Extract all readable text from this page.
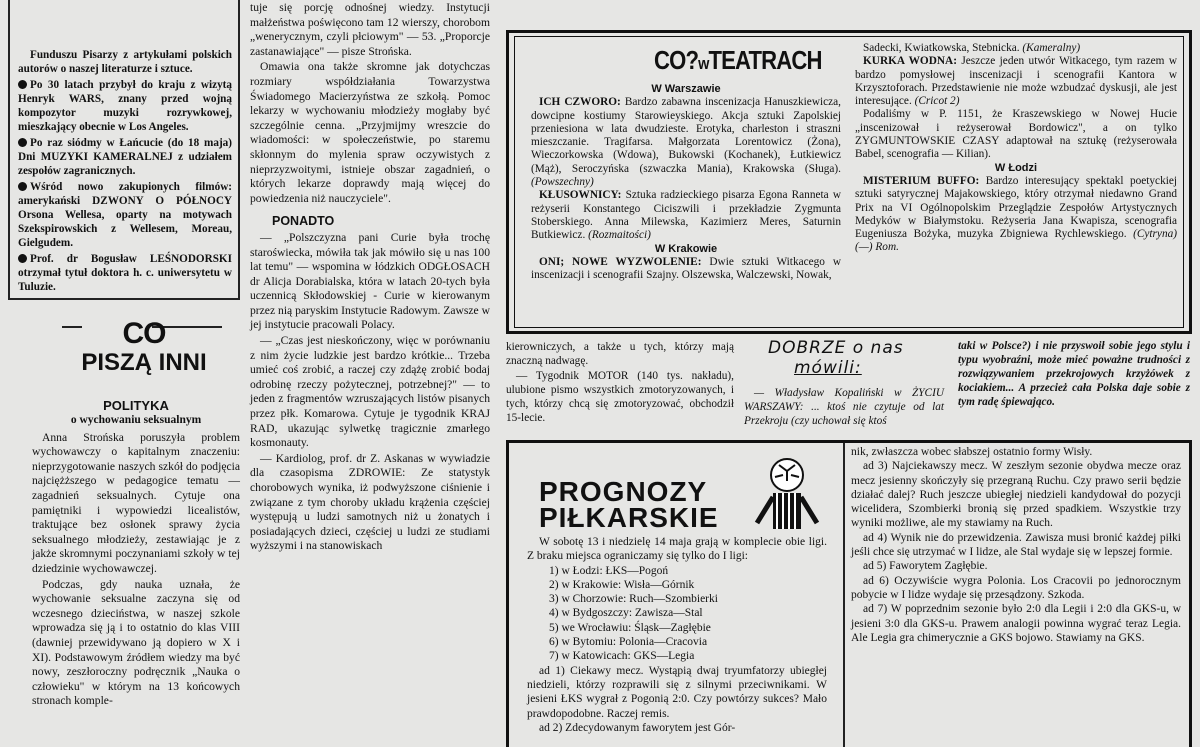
Funduszu Pisarzy z artykułami polskich autorów o naszej literaturze i sztuce.
Po 30 latach przybył do kraju z wizytą Henryk WARS, znany przed wojną kompozytor muzyki rozrywkowej, mieszkający obecnie w Los Angeles.
Po raz siódmy w Łańcucie (do 18 maja) Dni MUZYKI KAMERALNEJ z udziałem zespołów zagranicznych.
Wśród nowo zakupionych filmów: amerykański DZWONY O PÓŁNOCY Orsona Wellesa, oparty na motywach Szekspirowskich z Wellesem, Moreau, Gielgudem.
Prof. dr Bogusław LEŚNODORSKI otrzymał tytuł doktora h. c. uniwersytetu w Tuluzie.
CO
PISZĄ INNI
POLITYKA
o wychowaniu seksualnym

Anna Strońska poruszyła problem wychowawczy o kapitalnym znaczeniu: nieprzygotowanie naszych szkół do podjęcia najciężższego w pedagogice tematu — zagadnień seksualnych. Cytuje ona pamiętniki i wypowiedzi licealistów, traktujące bez osłonek sprawy życia seksualnego młodzieży, zestawiając je z jakże skromnymi poczynaniami szkoły w tej dziedzinie wychowawczej.

Podczas, gdy nauka uznała, że wychowanie seksualne zaczyna się od wczesnego dzieciństwa, w naszej szkole wprowadza się ją i to ostatnio do klas VIII (dawniej przewidywano ją dopiero w X i XI). Podstawowym źródłem wiedzy ma być nowy, zeszłoroczny podręcznik „Nauka o człowieku" w którym na 13 końcowych stronach komple-

tuje się porcję odnośnej wiedzy. Instytucji małżeństwa poświęcono tam 12 wierszy, chorobom „wenerycznym, czyli płciowym" — 53. „Proporcje zastanawiające" — pisze Strońska.

Omawia ona także skromne jak dotychczas rozmiary współdziałania Towarzystwa Świadomego Macierzyństwa ze szkołą. Pomoc lekarzy w wychowaniu młodzieży mogłaby być szczególnie cenna. „Przyjmijmy wreszcie do wiadomości: w społeczeństwie, po staremu skłonnym do mylenia spraw oczywistych z nieprzyzwoitymi, istnieje obszar zagadnień, o których lekarze doprawdy mają więcej do powiedzenia niż nauczyciele".

PONADTO

— „Polszczyzna pani Curie była trochę staroświecka, mówiła tak jak mówiło się u nas 100 lat temu" — wspomina w łódzkich ODGŁOSACH dr Alicja Dorabialska, która w latach 20-tych była uczennicą Skłodowskiej - Curie w kierowanym przez nią paryskim Instytucie Radowym. Zawsze w jej instytucie pracowali Polacy.

— „Czas jest nieskończony, więc w porównaniu z nim życie ludzkie jest bardzo krótkie... Trzeba umieć coś zrobić, a raczej czy zdążę zrobić bodaj odrobinę rzeczy pożytecznej, potrzebnej?" — to jeden z fragmentów wzruszających listów pisanych przez płk. Komarowa. Cytuje je tygodnik KRAJ RAD, ukazując sylwetkę tragicznie zmarłego kosmonauty.

— Kardiolog, prof. dr Z. Askanas w wywiadzie dla czasopisma ZDROWIE: Ze statystyk chorobowych wynika, iż podwyższone ciśnienie i związane z tym choroby układu krążenia częściej występują u ludzi samotnych niż u żonatych i posiadających dzieci, częściej u ludzi ze studiami wyższymi i na stanowiskach

CO?wTEATRACH
W Warszawie

ICH CZWORO: Bardzo zabawna inscenizacja Hanuszkiewicza, dowcipne kostiumy Starowieyskiego. Akcja sztuki Zapolskiej przeniesiona w lata dwudzieste. Erotyka, charleston i straszni mieszczanie. Tragifarsa. Małgorzata Lorentowicz (Żona), Wieczorkowska (Wdowa), Bukowski (Kochanek), Łutkiewicz (Mąż), Seroczyńska (szwaczka Mania), Krakowska (Sługa). (Powszechny)

KŁUSOWNICY: Sztuka radzieckiego pisarza Egona Ranneta w reżyserii Konstantego Ciciszwili i przekładzie Zygmunta Stoberskiego. Anna Milewska, Kazimierz Meres, Saturnin Butkiewicz. (Rozmaitości)

W Krakowie

ONI; NOWE WYZWOLENIE: Dwie sztuki Witkacego w inscenizacji i scenografii Szajny. Olszewska, Walczewski, Nowak,

Sadecki, Kwiatkowska, Stebnicka. (Kameralny)

KURKA WODNA: Jeszcze jeden utwór Witkacego, tym razem w bardzo pomysłowej inscenizacji i scenografii Kantora w Krzysztoforach. Przedstawienie nie może wzbudzać dyskusji, ale jest interesujące. (Cricot 2)

Podaliśmy w P. 1151, że Kraszewskiego w Nowej Hucie „inscenizował i reżyserował Bordowicz", a on tylko ZYGMUNTOWSKIE CZASY adaptował na sztukę (reżyserowała Babel, scenografia — Kilian).

W Łodzi

MISTERIUM BUFFO: Bardzo interesujący spektakl poetyckiej sztuki satyrycznej Majakowskiego, który otrzymał niedawno Grand Prix na VI Ogólnopolskim Przeglądzie Zespołów Artystycznych Medyków w Białymstoku. Reżyseria Jana Kwapisza, scenografia Eugeniusza Bożyka, muzyka Zbigniewa Rychlewskiego. (Cytryna) (—) Rom.

kierowniczych, a także u tych, którzy mają znaczną nadwagę.

— Tygodnik MOTOR (140 tys. nakładu), ulubione pismo wszystkich zmotoryzowanych, i tych, którzy chcą się zmotoryzować, obchodził 15-lecie.

DOBRZE o nas
mówili:

— Władysław Kopaliński w ŻYCIU WARSZAWY: ... ktoś nie czytuje od lat Przekroju (czy uchował się ktoś

taki w Polsce?) i nie przyswoił sobie jego stylu i typu wyobraźni, może mieć poważne trudności z rozwiązywaniem przekrojowych krzyżówek z kociakiem... A przecież cała Polska daje sobie z tym radę śpiewająco.

PROGNOZY
PIŁKARSKIE

W sobotę 13 i niedzielę 14 maja grają w komplecie obie ligi. Z braku miejsca ograniczamy się tylko do I ligi:

1) w Łodzi: ŁKS—Pogoń
2) w Krakowie: Wisła—Górnik
3) w Chorzowie: Ruch—Szombierki
4) w Bydgoszczy: Zawisza—Stal
5) we Wrocławiu: Śląsk—Zagłębie
6) w Bytomiu: Polonia—Cracovia
7) w Katowicach: GKS—Legia

ad 1) Ciekawy mecz. Wystąpią dwaj tryumfatorzy ubiegłej niedzieli, którzy rozprawili się z silnymi przeciwnikami. W jesieni ŁKS wygrał z Pogonią 2:0. Czy powtórzy sukces? Mało prawdopodobne. Raczej remis.

ad 2) Zdecydowanym faworytem jest Gór-

nik, zwłaszcza wobec słabszej ostatnio formy Wisły.

ad 3) Najciekawszy mecz. W zeszłym sezonie obydwa mecze oraz mecz jesienny skończyły się przegraną Ruchu. Czy prawo serii będzie działać dalej? Ruch jeszcze ubiegłej niedzieli kandydował do pozycji wicelidera, Szombierki bronią się przed spadkiem. Wszystkie trzy wyniki możliwe, ale my stawiamy na Ruch.

ad 4) Wynik nie do przewidzenia. Zawisza musi bronić każdej piłki jeśli chce się utrzymać w I lidze, ale Stal wydaje się w lepszej formie.

ad 5) Faworytem Zagłębie.

ad 6) Oczywiście wygra Polonia. Los Cracovii po jednorocznym pobycie w I lidze wydaje się przesądzony. Szkoda.

ad 7) W poprzednim sezonie było 2:0 dla Legii i 2:0 dla GKS-u, w jesieni 3:0 dla GKS-u. Prawem analogii powinna wygrać teraz Legia. Ale Legia gra chimerycznie a GKS bojowo. Stawiamy na GKS.
